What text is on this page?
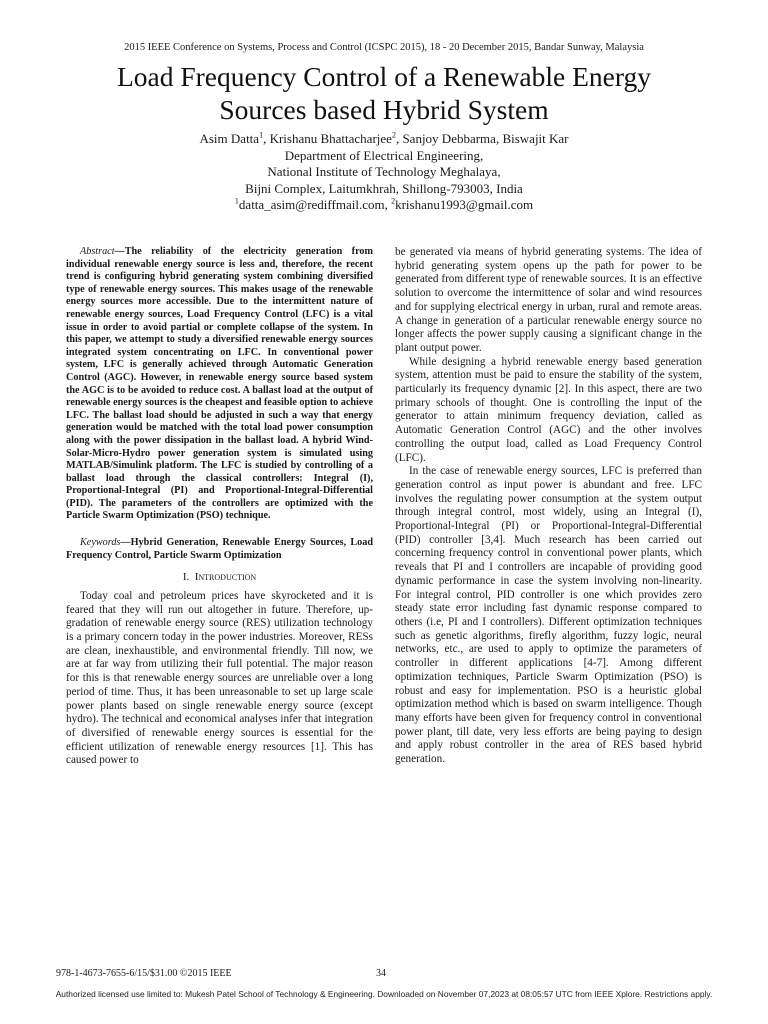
2015 IEEE Conference on Systems, Process and Control (ICSPC 2015), 18 - 20 December 2015, Bandar Sunway, Malaysia
Load Frequency Control of a Renewable Energy
Sources based Hybrid System
Asim Datta$^1$, Krishanu Bhattacharjee$^2$, Sanjoy Debbarma, Biswajit Kar
Department of Electrical Engineering,
National Institute of Technology Meghalaya,
Bijni Complex, Laitumkhrah, Shillong-793003, India
$^1$datta_asim@rediffmail.com, $^2$krishanu1993@gmail.com

Abstract—The reliability of the electricity generation from individual renewable energy source is less and, therefore, the recent trend is configuring hybrid generating system combining diversified type of renewable energy sources. This makes usage of the renewable energy sources more accessible. Due to the intermittent nature of renewable energy sources, Load Frequency Control (LFC) is a vital issue in order to avoid partial or complete collapse of the system. In this paper, we attempt to study a diversified renewable energy sources integrated system concentrating on LFC. In conventional power system, LFC is generally achieved through Automatic Generation Control (AGC). However, in renewable energy source based system the AGC is to be avoided to reduce cost. A ballast load at the output of renewable energy sources is the cheapest and feasible option to achieve LFC. The ballast load should be adjusted in such a way that energy generation would be matched with the total load power consumption along with the power dissipation in the ballast load. A hybrid Wind-Solar-Micro-Hydro power generation system is simulated using MATLAB/Simulink platform. The LFC is studied by controlling of a ballast load through the classical controllers: Integral (I), Proportional-Integral (PI) and Proportional-Integral-Differential (PID). The parameters of the controllers are optimized with the Particle Swarm Optimization (PSO) technique.

Keywords—Hybrid Generation, Renewable Energy Sources, Load Frequency Control, Particle Swarm Optimization

I. Introduction

Today coal and petroleum prices have skyrocketed and it is feared that they will run out altogether in future. Therefore, up-gradation of renewable energy source (RES) utilization technology is a primary concern today in the power industries. Moreover, RESs are clean, inexhaustible, and environmental friendly. Till now, we are at far way from utilizing their full potential. The major reason for this is that renewable energy sources are unreliable over a long period of time. Thus, it has been unreasonable to set up large scale power plants based on single renewable energy source (except hydro). The technical and economical analyses infer that integration of diversified of renewable energy sources is essential for the efficient utilization of renewable energy resources [1]. This has caused power to

be generated via means of hybrid generating systems. The idea of hybrid generating system opens up the path for power to be generated from different type of renewable sources. It is an effective solution to overcome the intermittence of solar and wind resources and for supplying electrical energy in urban, rural and remote areas. A change in generation of a particular renewable energy source no longer affects the power supply causing a significant change in the plant output power.

While designing a hybrid renewable energy based generation system, attention must be paid to ensure the stability of the system, particularly its frequency dynamic [2]. In this aspect, there are two primary schools of thought. One is controlling the input of the generator to attain minimum frequency deviation, called as Automatic Generation Control (AGC) and the other involves controlling the output load, called as Load Frequency Control (LFC).

In the case of renewable energy sources, LFC is preferred than generation control as input power is abundant and free. LFC involves the regulating power consumption at the system output through integral control, most widely, using an Integral (I), Proportional-Integral (PI) or Proportional-Integral-Differential (PID) controller [3,4]. Much research has been carried out concerning frequency control in conventional power plants, which reveals that PI and I controllers are incapable of providing good dynamic performance in case the system involving non-linearity. For integral control, PID controller is one which provides zero steady state error including fast dynamic response compared to others (i.e, PI and I controllers). Different optimization techniques such as genetic algorithms, firefly algorithm, fuzzy logic, neural networks, etc., are used to apply to optimize the parameters of controller in different applications [4-7]. Among different optimization techniques, Particle Swarm Optimization (PSO) is robust and easy for implementation. PSO is a heuristic global optimization method which is based on swarm intelligence. Though many efforts have been given for frequency control in conventional power plant, till date, very less efforts are being paying to design and apply robust controller in the area of RES based hybrid generation.

978-1-4673-7655-6/15/$31.00 ©2015 IEEE	34
Authorized licensed use limited to: Mukesh Patel School of Technology & Engineering. Downloaded on November 07,2023 at 08:05:57 UTC from IEEE Xplore. Restrictions apply.
